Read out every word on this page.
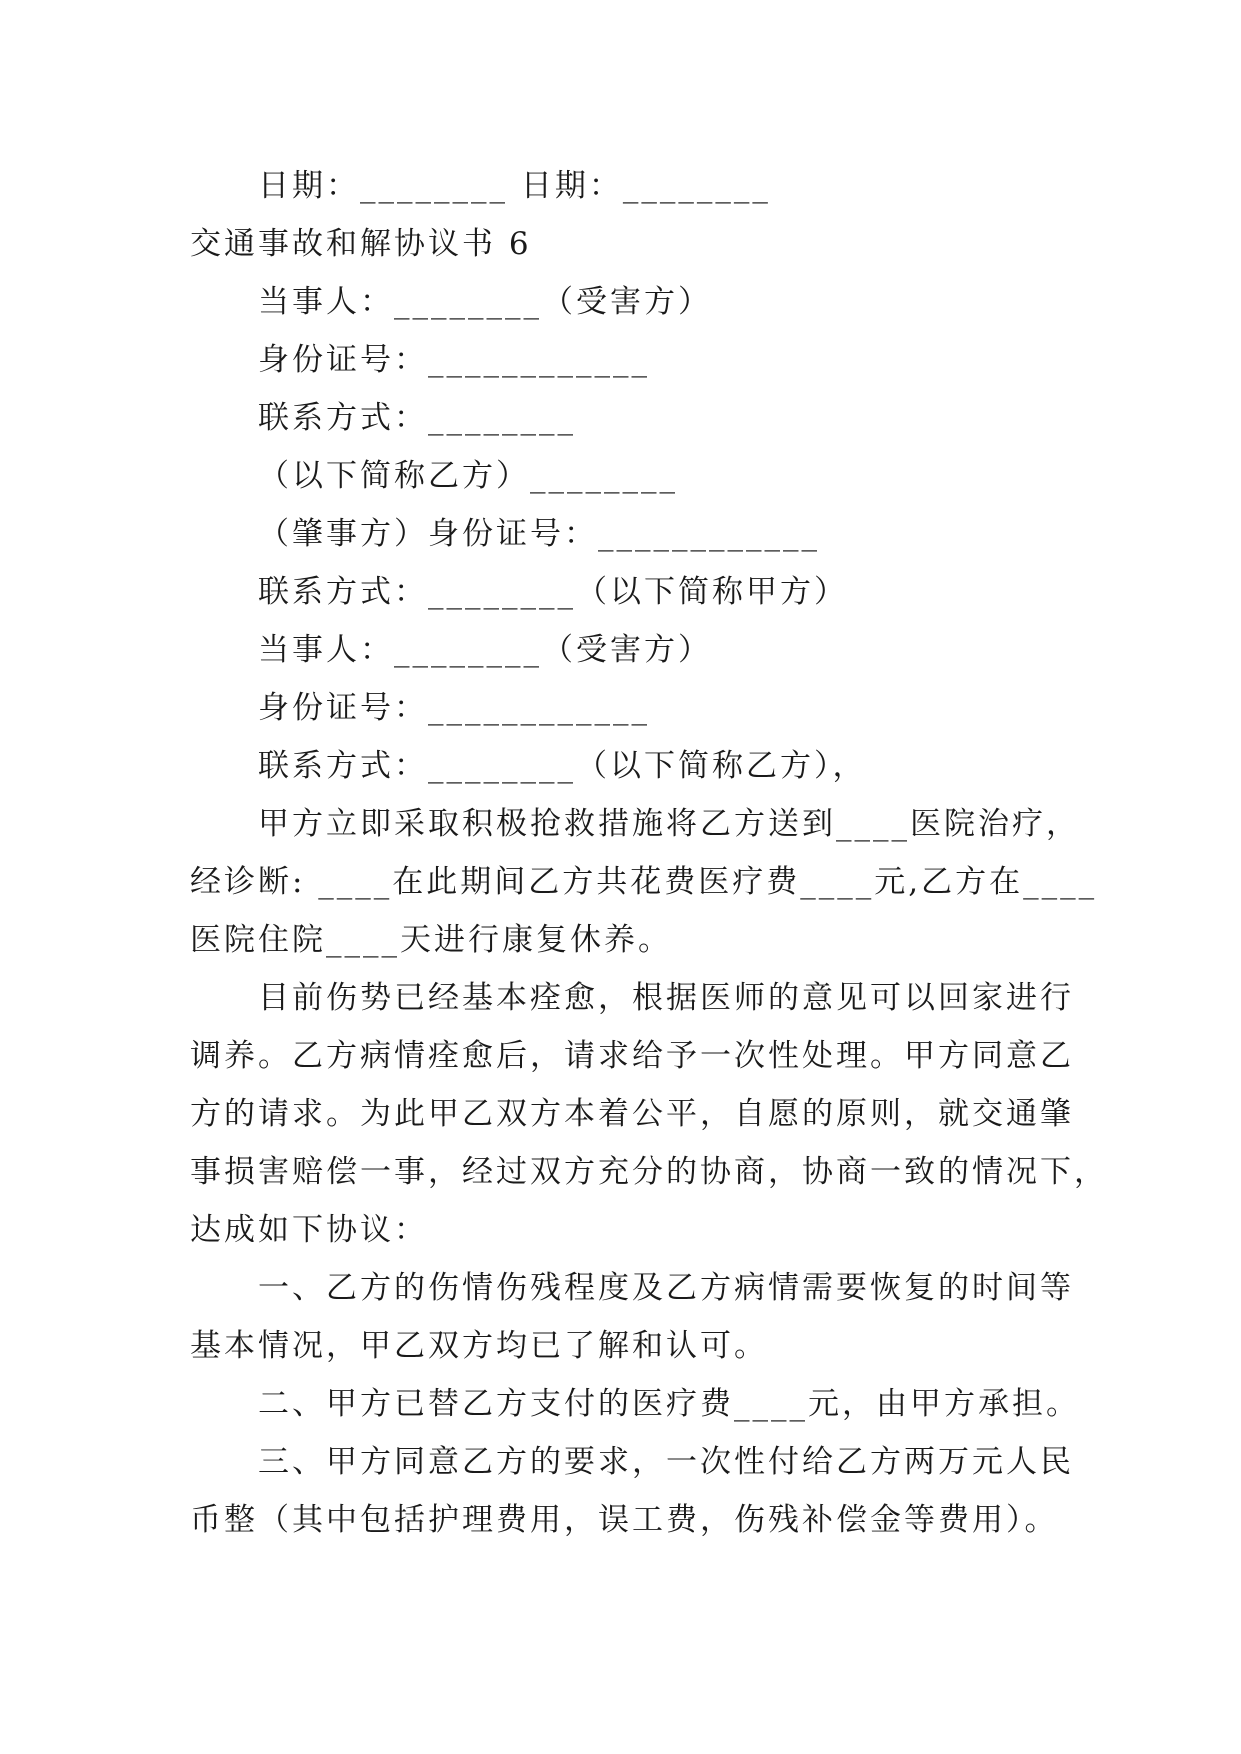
日期：________ 日期：________
交通事故和解协议书 6
当事人：________（受害方）
身份证号：____________
联系方式：________
（以下简称乙方）________
（肇事方）身份证号：____________
联系方式：________（以下简称甲方）
当事人：________（受害方）
身份证号：____________
联系方式：________（以下简称乙方），
甲方立即采取积极抢救措施将乙方送到____医院治疗，
经诊断: ____在此期间乙方共花费医疗费____元,乙方在____
医院住院____天进行康复休养。
目前伤势已经基本痊愈，根据医师的意见可以回家进行
调养。乙方病情痊愈后，请求给予一次性处理。甲方同意乙
方的请求。为此甲乙双方本着公平，自愿的原则，就交通肇
事损害赔偿一事，经过双方充分的协商，协商一致的情况下，
达成如下协议：
一、乙方的伤情伤残程度及乙方病情需要恢复的时间等
基本情况，甲乙双方均已了解和认可。
二、甲方已替乙方支付的医疗费____元，由甲方承担。
三、甲方同意乙方的要求，一次性付给乙方两万元人民
币整（其中包括护理费用，误工费，伤残补偿金等费用）。
